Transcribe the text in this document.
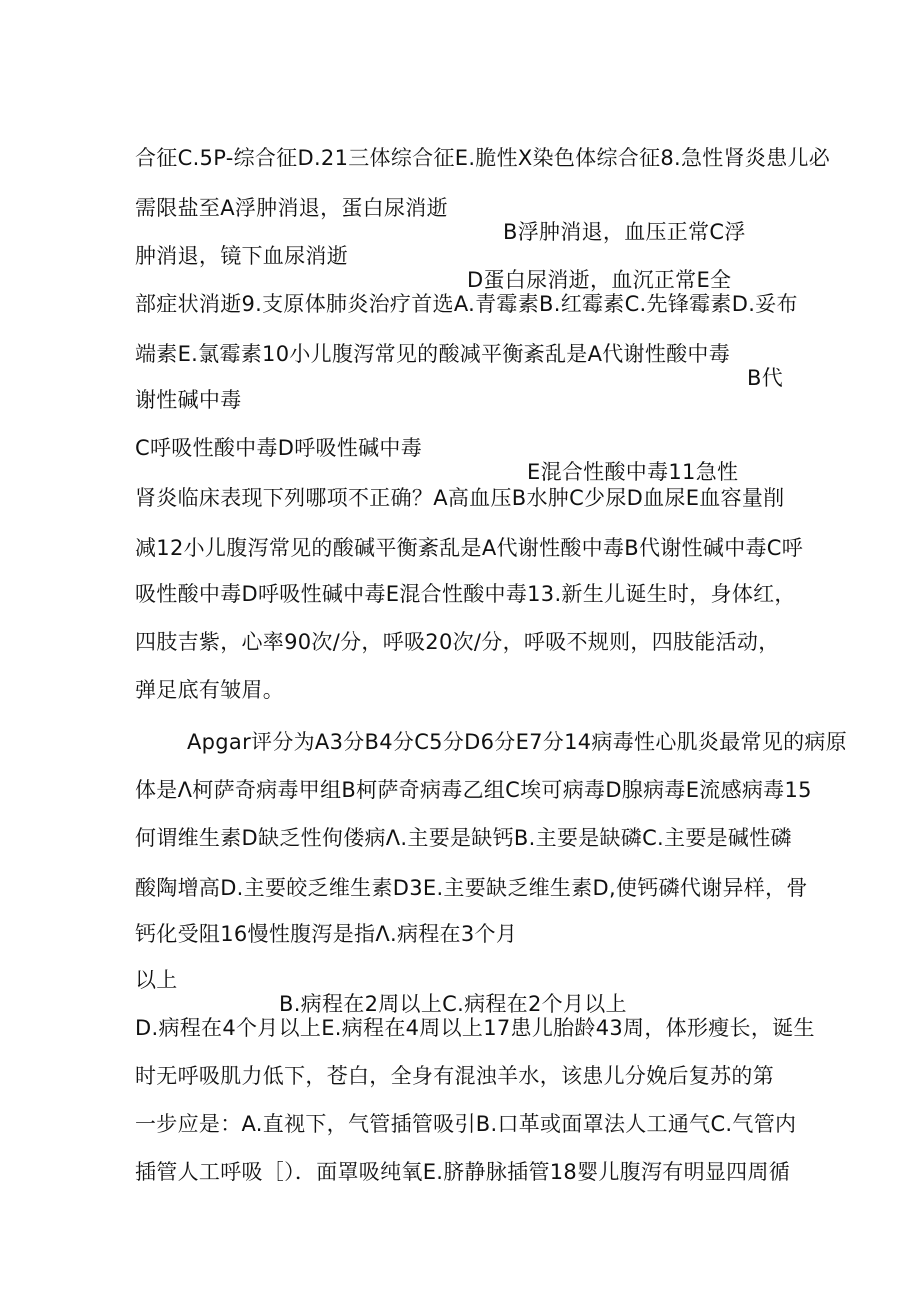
合征C.5P-综合征D.21三体综合征E.脆性X染色体综合征8.急性肾炎患儿必

需限盐至A浮肿消退，蛋白尿消逝

B浮肿消退，血压正常C浮

肿消退，镜下血尿消逝

D蛋白尿消逝，血沉正常E全

部症状消逝9.支原体肺炎治疗首选A.青霉素B.红霉素C.先锋霉素D.妥布

端素E.氯霉素10小儿腹泻常见的酸减平衡紊乱是A代谢性酸中毒

B代

谢性碱中毒

C呼吸性酸中毒D呼吸性碱中毒

E混合性酸中毒11急性

肾炎临床表现下列哪项不正确？A高血压B水肿C少尿D血尿E血容量削

减12小儿腹泻常见的酸碱平衡紊乱是A代谢性酸中毒B代谢性碱中毒C呼

吸性酸中毒D呼吸性碱中毒E混合性酸中毒13.新生儿诞生时，身体红，

四肢吉紫，心率90次/分，呼吸20次/分，呼吸不规则，四肢能活动，

弹足底有皱眉。

Apgar评分为A3分B4分C5分D6分E7分14病毒性心肌炎最常见的病原

体是Λ柯萨奇病毒甲组B柯萨奇病毒乙组C埃可病毒D腺病毒E流感病毒15

何谓维生素D缺乏性佝偻病Λ.主要是缺钙B.主要是缺磷C.主要是碱性磷

酸陶增高D.主要皎乏维生素D3E.主要缺乏维生素D,使钙磷代谢异样，骨

钙化受阻16慢性腹泻是指Λ.病程在3个月

以上

B.病程在2周以上C.病程在2个月以上

D.病程在4个月以上E.病程在4周以上17患儿胎龄43周，体形瘦长，诞生

时无呼吸肌力低下，苍白，全身有混浊羊水，该患儿分娩后复苏的第

一步应是：A.直视下，气管插管吸引B.口革或面罩法人工通气C.气管内

插管人工呼吸［）．面罩吸纯氧E.脐静脉插管18婴儿腹泻有明显四周循
